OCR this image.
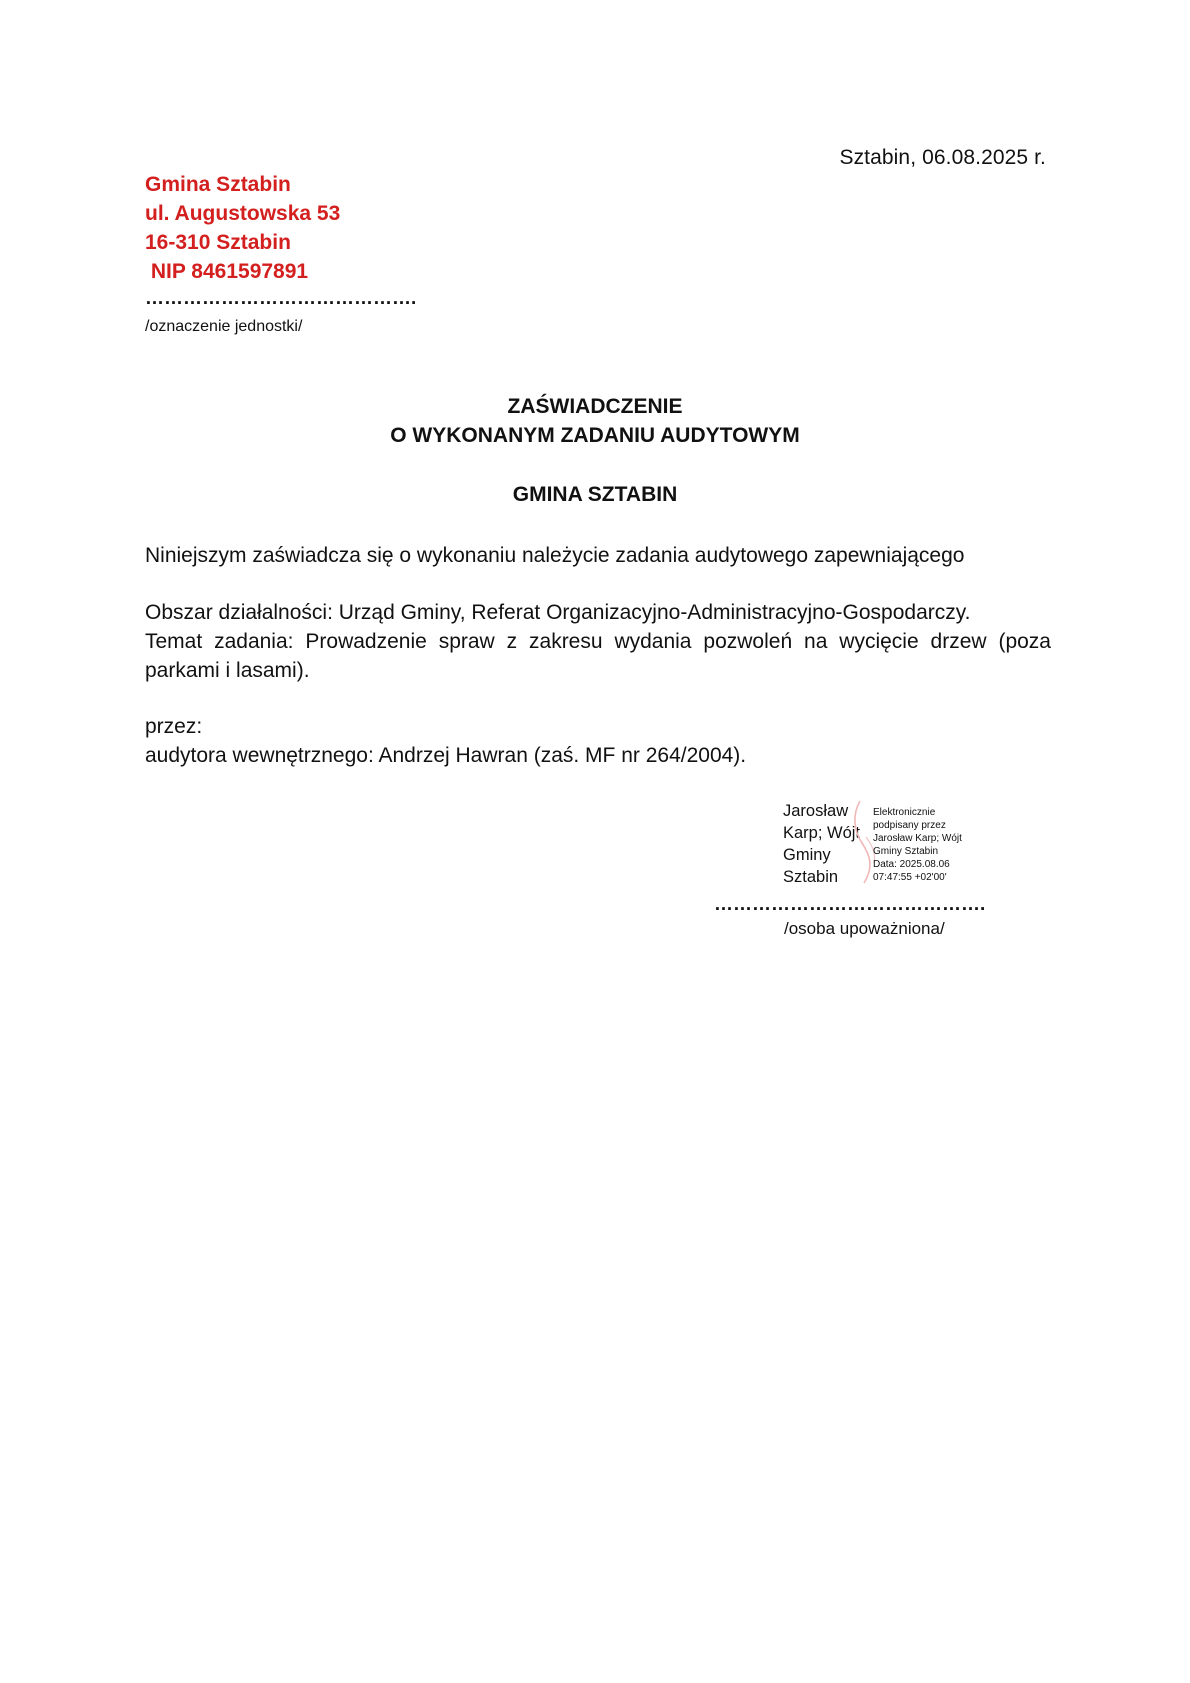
Sztabin, 06.08.2025 r.
Gmina Sztabin
ul. Augustowska 53
16-310 Sztabin
NIP 8461597891
…………………………………….
/oznaczenie jednostki/
ZAŚWIADCZENIE
O WYKONANYM ZADANIU AUDYTOWYM
GMINA SZTABIN
Niniejszym zaświadcza się o wykonaniu należycie zadania audytowego zapewniającego
Obszar działalności: Urząd Gminy, Referat Organizacyjno-Administracyjno-Gospodarczy.
Temat zadania: Prowadzenie spraw z zakresu wydania pozwoleń na wycięcie drzew (poza
parkami i lasami).
przez:
audytora wewnętrznego: Andrzej Hawran (zaś. MF nr 264/2004).
Jarosław
Karp; Wójt
Gminy
Sztabin
Elektronicznie
podpisany przez
Jarosław Karp; Wójt
Gminy Sztabin
Data: 2025.08.06
07:47:55 +02'00'
…………………………………….
/osoba upoważniona/
